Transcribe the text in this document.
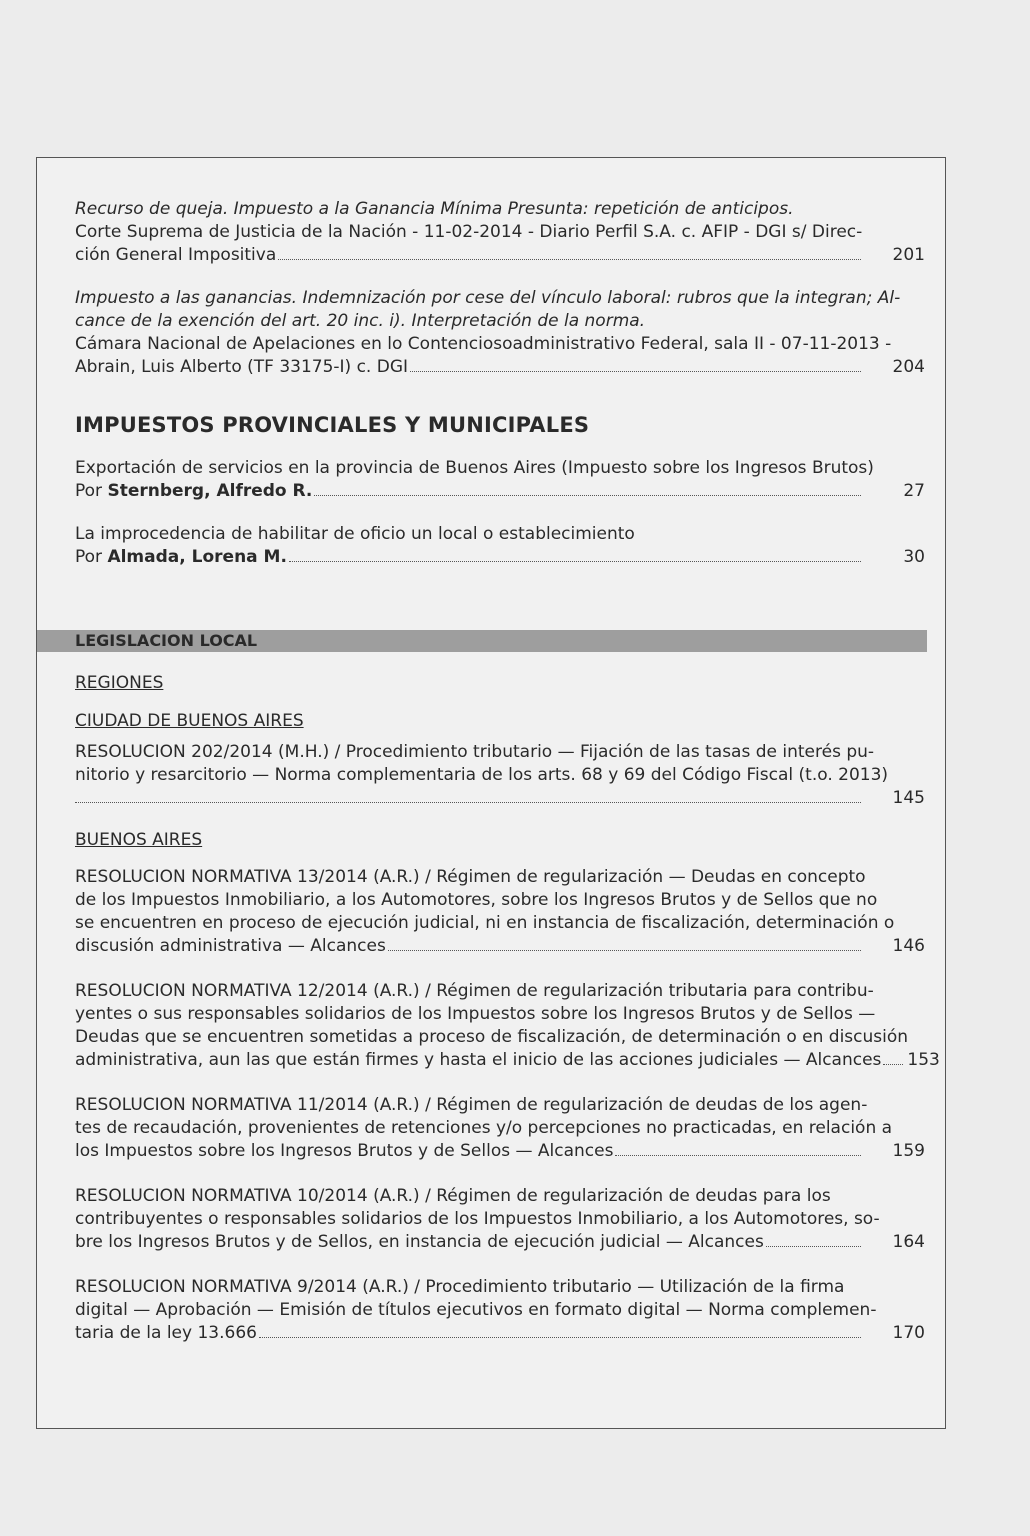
Recurso de queja. Impuesto a la Ganancia Mínima Presunta: repetición de anticipos.
Corte Suprema de Justicia de la Nación - 11-02-2014 - Diario Perfil S.A. c. AFIP - DGI s/ Direc-
ción General Impositiva	201
Impuesto a las ganancias. Indemnización por cese del vínculo laboral: rubros que la integran; Al-
cance de la exención del art. 20 inc. i). Interpretación de la norma.
Cámara Nacional de Apelaciones en lo Contenciosoadministrativo Federal, sala II - 07-11-2013 -
Abrain, Luis Alberto (TF 33175-I) c. DGI	204
IMPUESTOS PROVINCIALES Y MUNICIPALES
Exportación de servicios en la provincia de Buenos Aires (Impuesto sobre los Ingresos Brutos)
Por Sternberg, Alfredo R.	27
La improcedencia de habilitar de oficio un local o establecimiento
Por Almada, Lorena M.	30
LEGISLACION LOCAL
REGIONES
CIUDAD DE BUENOS AIRES
RESOLUCION 202/2014 (M.H.) / Procedimiento tributario — Fijación de las tasas de interés pu-
nitorio y resarcitorio — Norma complementaria de los arts. 68 y 69 del Código Fiscal (t.o. 2013)
145
BUENOS AIRES
RESOLUCION NORMATIVA 13/2014 (A.R.) / Régimen de regularización — Deudas en concepto
de los Impuestos Inmobiliario, a los Automotores, sobre los Ingresos Brutos y de Sellos que no
se encuentren en proceso de ejecución judicial, ni en instancia de fiscalización, determinación o
discusión administrativa — Alcances	146
RESOLUCION NORMATIVA 12/2014 (A.R.) / Régimen de regularización tributaria para contribu-
yentes o sus responsables solidarios de los Impuestos sobre los Ingresos Brutos y de Sellos —
Deudas que se encuentren sometidas a proceso de fiscalización, de determinación o en discusión
administrativa, aun las que están firmes y hasta el inicio de las acciones judiciales — Alcances 153
RESOLUCION NORMATIVA 11/2014 (A.R.) / Régimen de regularización de deudas de los agen-
tes de recaudación, provenientes de retenciones y/o percepciones no practicadas, en relación a
los Impuestos sobre los Ingresos Brutos y de Sellos — Alcances	159
RESOLUCION NORMATIVA 10/2014 (A.R.) / Régimen de regularización de deudas para los
contribuyentes o responsables solidarios de los Impuestos Inmobiliario, a los Automotores, so-
bre los Ingresos Brutos y de Sellos, en instancia de ejecución judicial — Alcances	164
RESOLUCION NORMATIVA 9/2014 (A.R.) / Procedimiento tributario — Utilización de la firma
digital — Aprobación — Emisión de títulos ejecutivos en formato digital — Norma complemen-
taria de la ley 13.666	170
